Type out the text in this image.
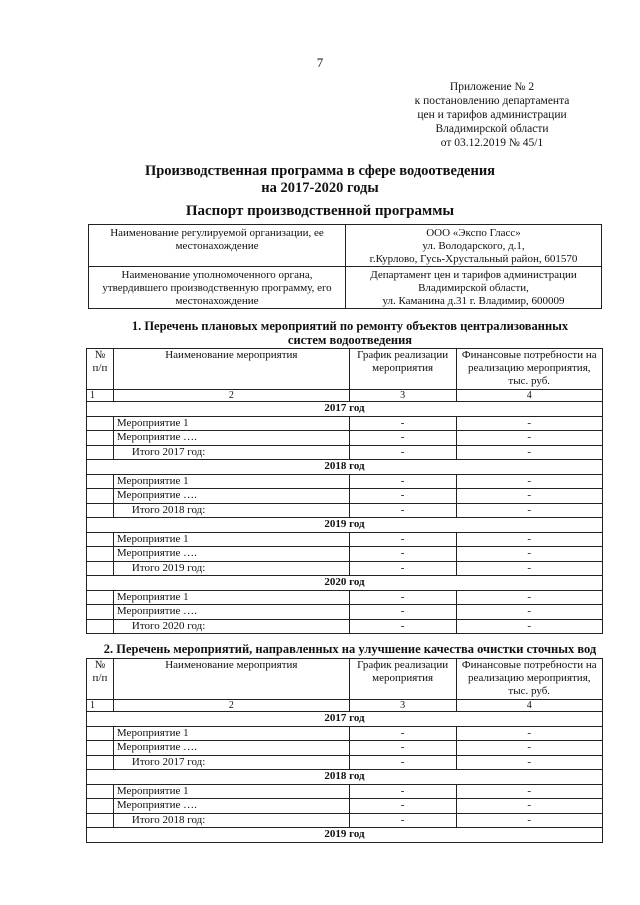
7
Приложение № 2
к постановлению департамента
цен и тарифов администрации
Владимирской области
от 03.12.2019 № 45/1
Производственная программа в сфере водоотведения
на 2017-2020 годы
Паспорт производственной программы
Наименование регулируемой организации, ее местонахождение	ООО «Экспо Гласс»
ул. Володарского, д.1,
г.Курлово, Гусь-Хрустальный район, 601570

Наименование уполномоченного органа, утвердившего производственную программу, его местонахождение	Департамент цен и тарифов администрации
Владимирской области,
ул. Каманина д.31 г. Владимир, 600009
1. Перечень плановых мероприятий по ремонту объектов централизованных
систем водоотведения
№ п/п	Наименование мероприятия	График реализации мероприятия	Финансовые потребности на реализацию мероприятия, тыс. руб.
1	2	3	4
2017 год			
	Мероприятие 1	-	-
	Мероприятие ….	-	-
	Итого 2017 год:	-	-
2018 год			
	Мероприятие 1	-	-
	Мероприятие ….	-	-
	Итого 2018 год:	-	-
2019 год			
	Мероприятие 1	-	-
	Мероприятие ….	-	-
	Итого 2019 год:	-	-
2020 год			
	Мероприятие 1	-	-
	Мероприятие ….	-	-
	Итого 2020 год:	-	-
2. Перечень мероприятий, направленных на улучшение качества очистки сточных вод
№ п/п	Наименование мероприятия	График реализации мероприятия	Финансовые потребности на реализацию мероприятия, тыс. руб.
1	2	3	4
2017 год			
	Мероприятие 1	-	-
	Мероприятие ….	-	-
	Итого 2017 год:	-	-
2018 год			
	Мероприятие 1	-	-
	Мероприятие ….	-	-
	Итого 2018 год:	-	-
2019 год			
